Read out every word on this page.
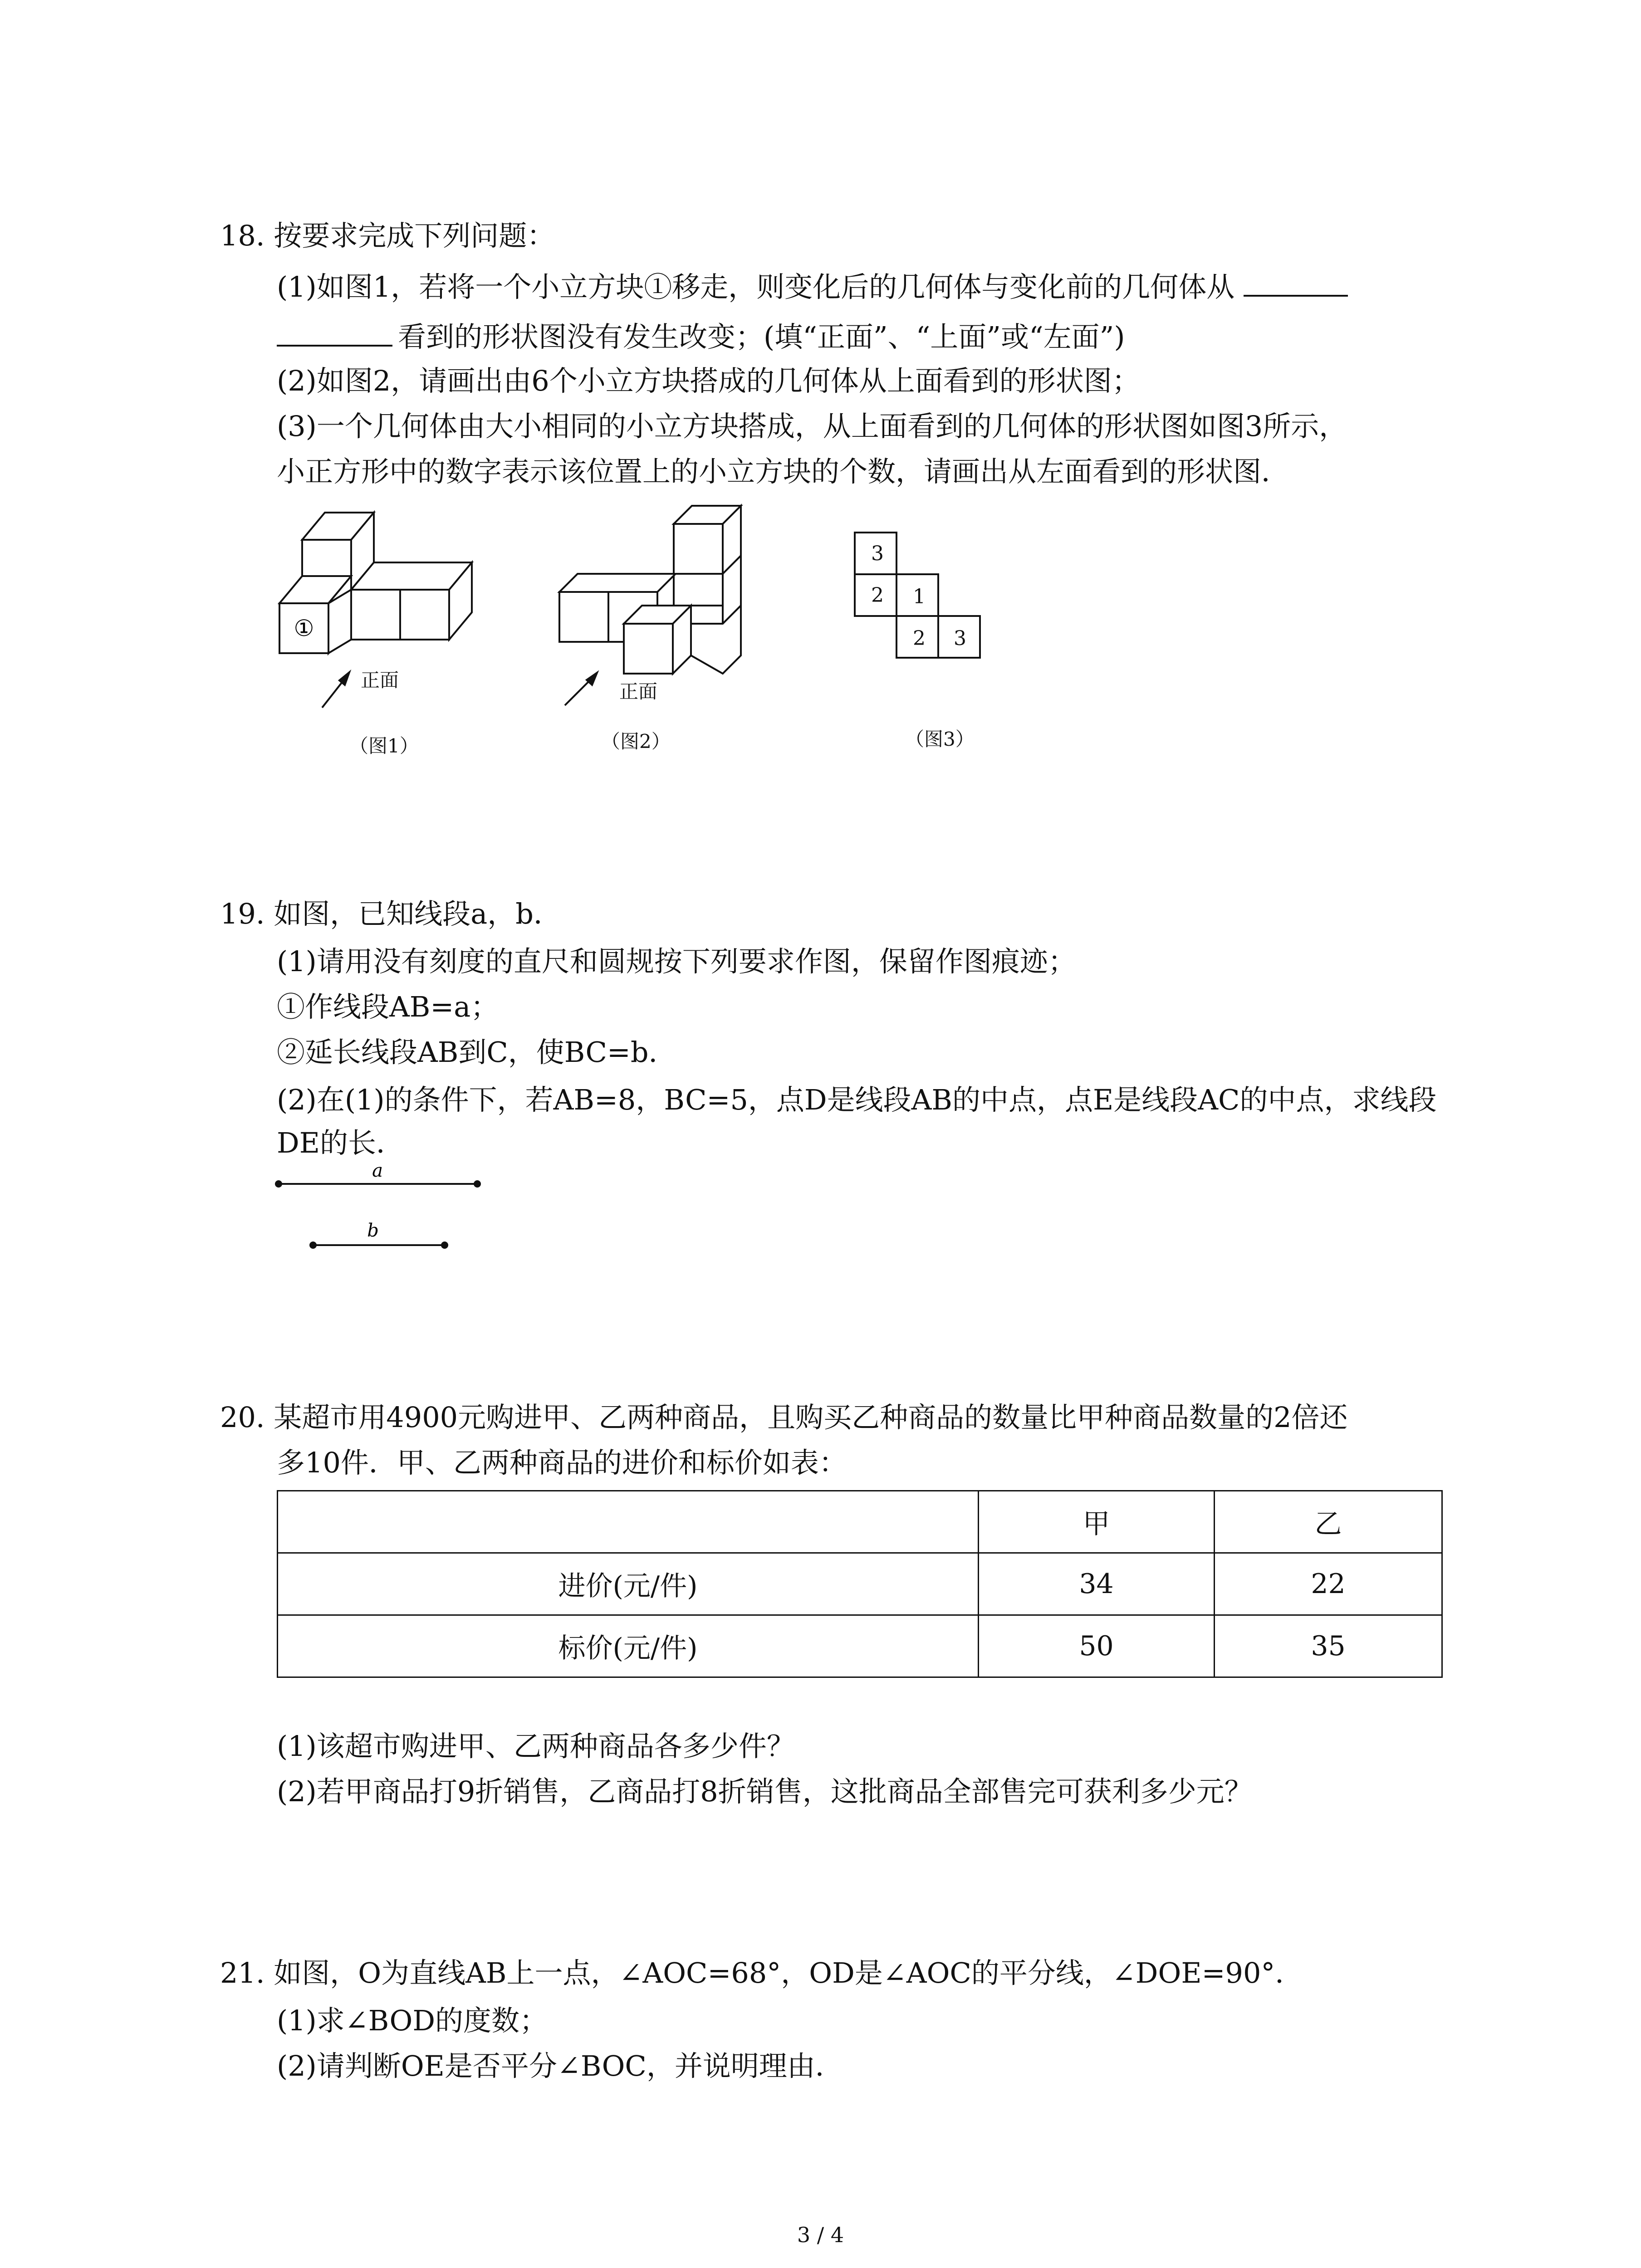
18. 按要求完成下列问题：
(1)如图1，若将一个小立方块①移走，则变化后的几何体与变化前的几何体从
看到的形状图没有发生改变；(填“正面”、“上面”或“左面”)
(2)如图2，请画出由6个小立方块搭成的几何体从上面看到的形状图；
(3)一个几何体由大小相同的小立方块搭成，从上面看到的几何体的形状图如图3所示，
小正方形中的数字表示该位置上的小立方块的个数，请画出从左面看到的形状图．
①
正面
（图1）
正面
（图2）
3
2 1
2 3
（图3）
19. 如图，已知线段a，b．
(1)请用没有刻度的直尺和圆规按下列要求作图，保留作图痕迹；
①作线段AB=a；
②延长线段AB到C，使BC=b．
(2)在(1)的条件下，若AB=8，BC=5，点D是线段AB的中点，点E是线段AC的中点，求线段
DE的长．
a
b
20. 某超市用4900元购进甲、乙两种商品，且购买乙种商品的数量比甲种商品数量的2倍还
多10件．甲、乙两种商品的进价和标价如表：
	甲	乙
进价(元/件)	34	22
标价(元/件)	50	35
(1)该超市购进甲、乙两种商品各多少件？
(2)若甲商品打9折销售，乙商品打8折销售，这批商品全部售完可获利多少元？
21. 如图，O为直线AB上一点，∠AOC=68°，OD是∠AOC的平分线，∠DOE=90°．
(1)求∠BOD的度数；
(2)请判断OE是否平分∠BOC，并说明理由．
3 / 4
